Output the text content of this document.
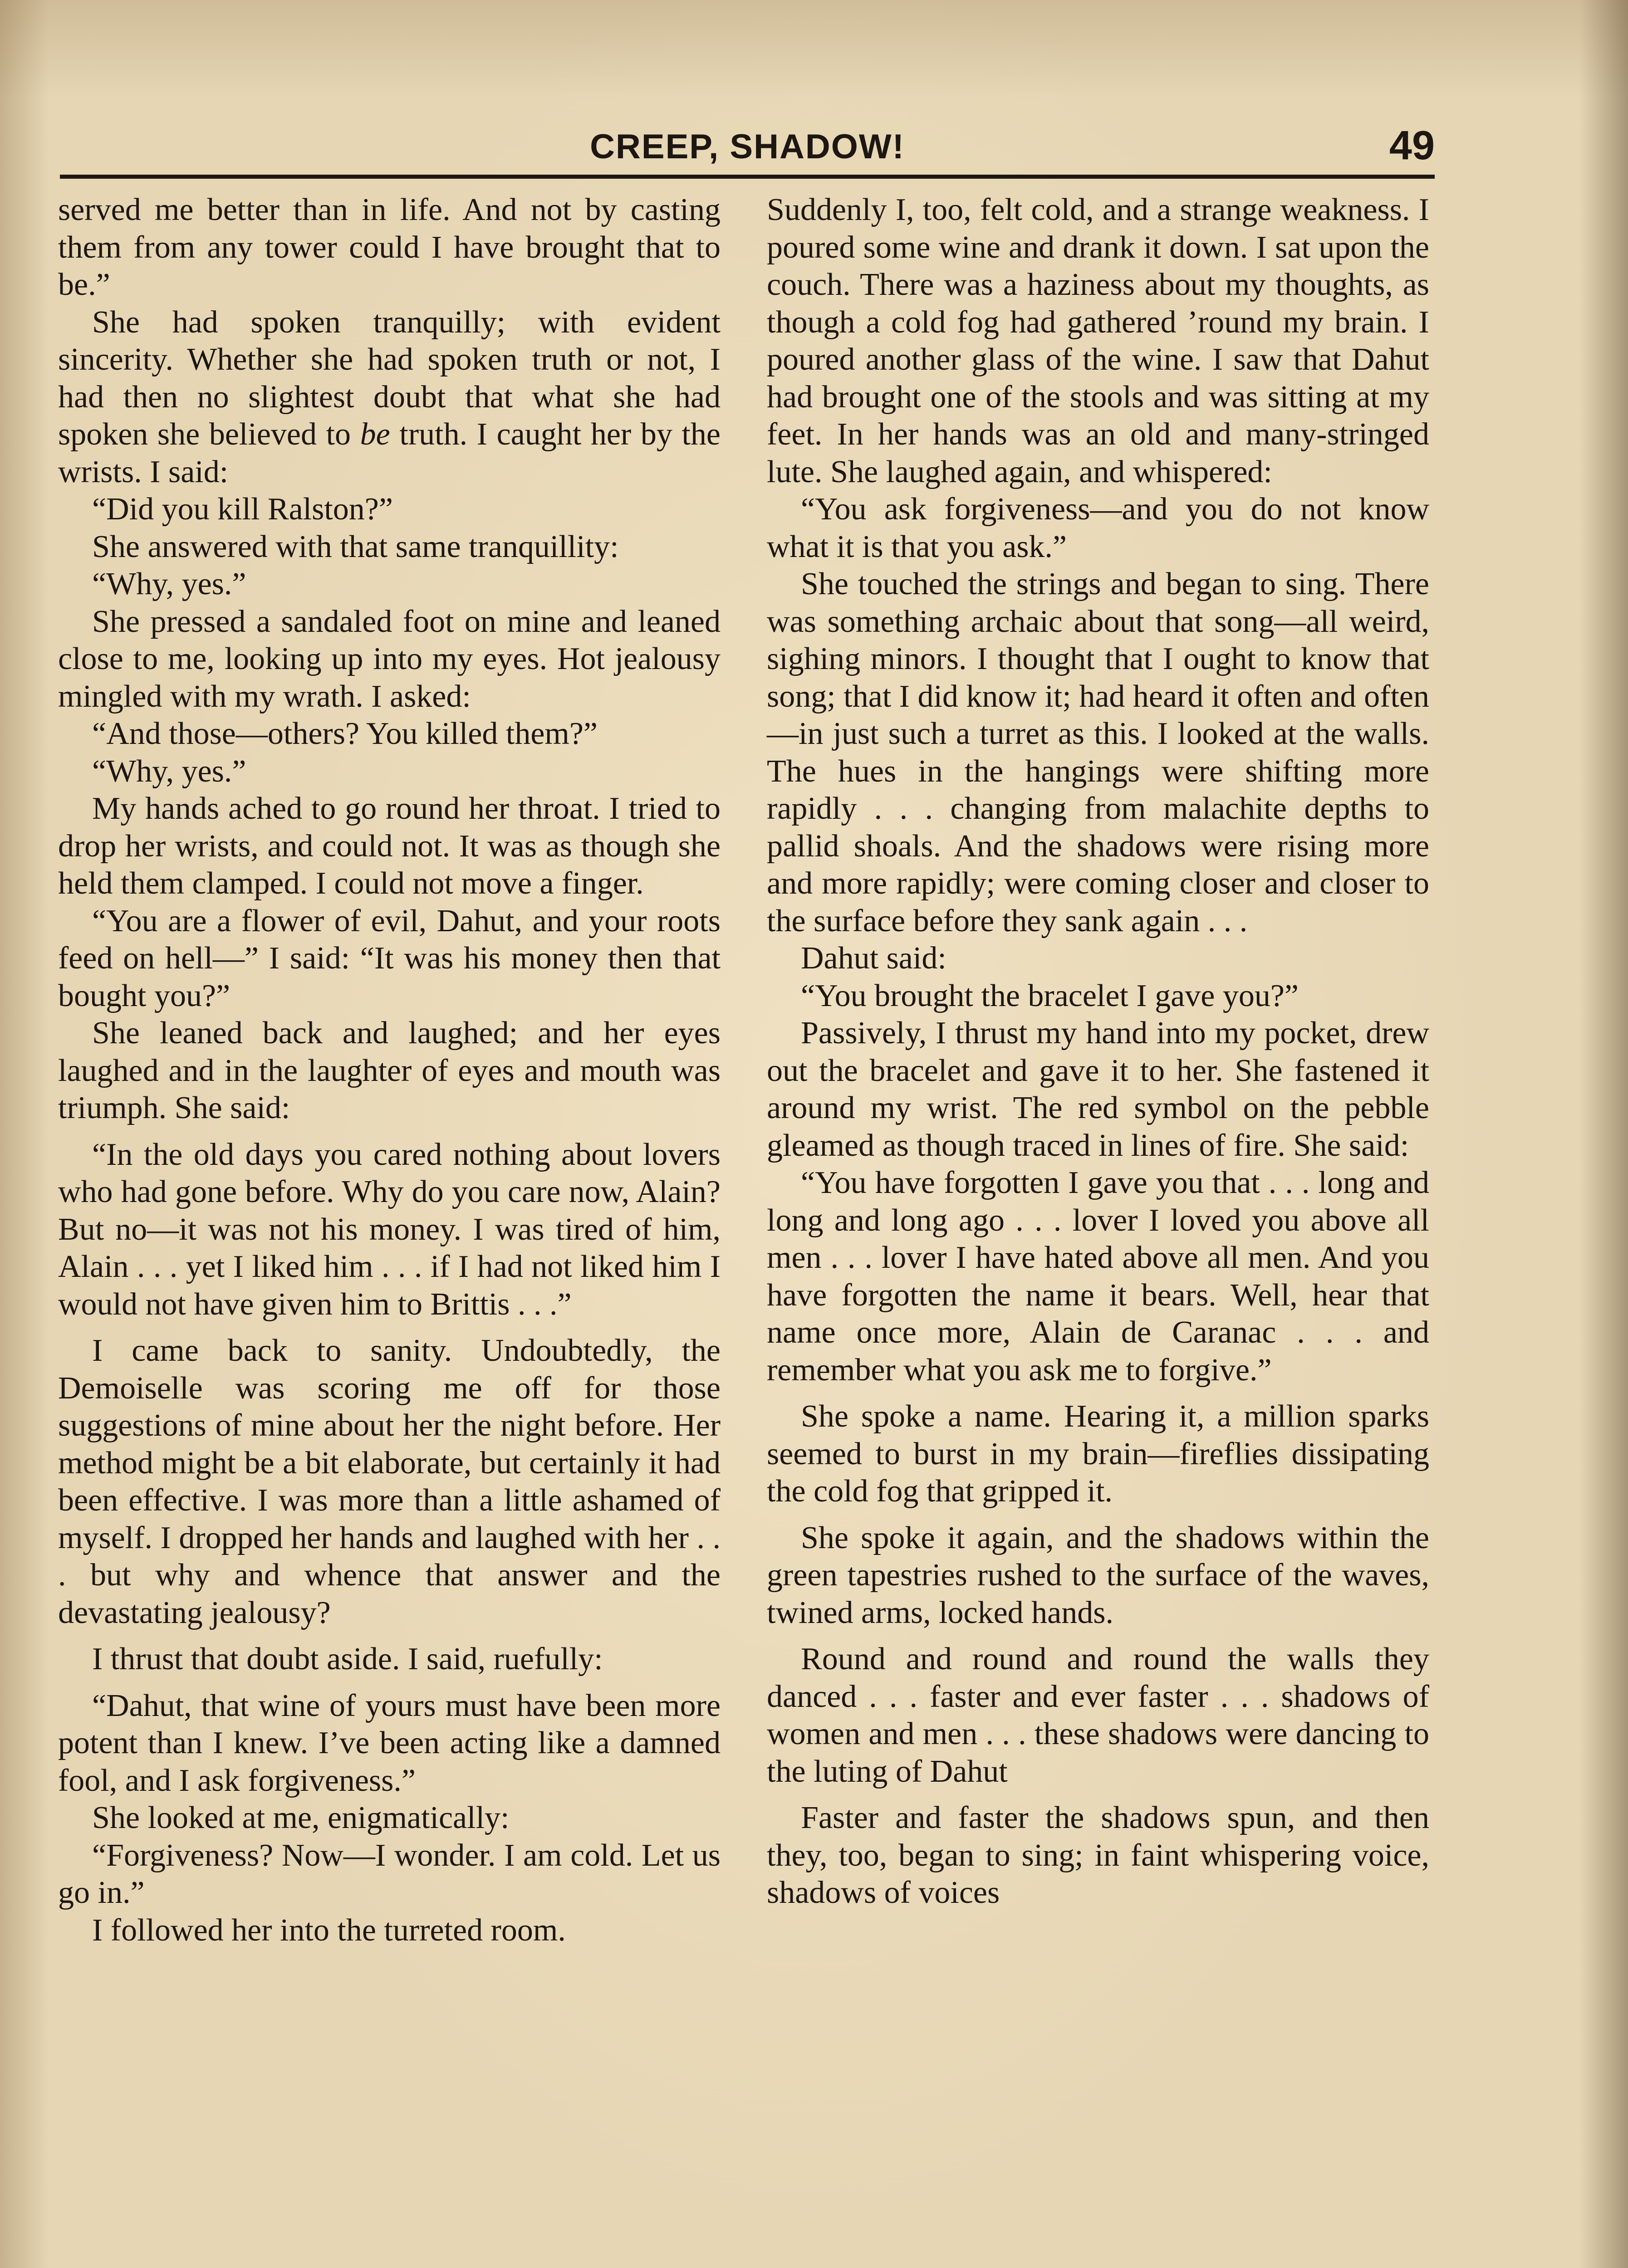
CREEP, SHADOW!	49

served me better than in life. And not by casting them from any tower could I have brought that to be.”

She had spoken tranquilly; with evident sincerity. Whether she had spoken truth or not, I had then no slightest doubt that what she had spoken she believed to be truth. I caught her by the wrists. I said:

“Did you kill Ralston?”

She answered with that same tranquillity:

“Why, yes.”

She pressed a sandaled foot on mine and leaned close to me, looking up into my eyes. Hot jealousy mingled with my wrath. I asked:

“And those—others? You killed them?”

“Why, yes.”

My hands ached to go round her throat. I tried to drop her wrists, and could not. It was as though she held them clamped. I could not move a finger.

“You are a flower of evil, Dahut, and your roots feed on hell—” I said: “It was his money then that bought you?”

She leaned back and laughed; and her eyes laughed and in the laughter of eyes and mouth was triumph. She said:

“In the old days you cared nothing about lovers who had gone before. Why do you care now, Alain? But no—it was not his money. I was tired of him, Alain . . . yet I liked him . . . if I had not liked him I would not have given him to Brittis . . .”

I came back to sanity. Undoubtedly, the Demoiselle was scoring me off for those suggestions of mine about her the night before. Her method might be a bit elaborate, but certainly it had been effective. I was more than a little ashamed of myself. I dropped her hands and laughed with her . . . but why and whence that answer and the devastating jealousy?

I thrust that doubt aside. I said, ruefully:

“Dahut, that wine of yours must have been more potent than I knew. I’ve been acting like a damned fool, and I ask forgiveness.”

She looked at me, enigmatically:

“Forgiveness? Now—I wonder. I am cold. Let us go in.”

I followed her into the turreted room.

Suddenly I, too, felt cold, and a strange weakness. I poured some wine and drank it down. I sat upon the couch. There was a haziness about my thoughts, as though a cold fog had gathered ’round my brain. I poured another glass of the wine. I saw that Dahut had brought one of the stools and was sitting at my feet. In her hands was an old and many-stringed lute. She laughed again, and whispered:

“You ask forgiveness—and you do not know what it is that you ask.”

She touched the strings and began to sing. There was something archaic about that song—all weird, sighing minors. I thought that I ought to know that song; that I did know it; had heard it often and often—in just such a turret as this. I looked at the walls. The hues in the hangings were shifting more rapidly . . . changing from malachite depths to pallid shoals. And the shadows were rising more and more rapidly; were coming closer and closer to the surface before they sank again . . .

Dahut said:

“You brought the bracelet I gave you?”

Passively, I thrust my hand into my pocket, drew out the bracelet and gave it to her. She fastened it around my wrist. The red symbol on the pebble gleamed as though traced in lines of fire. She said:

“You have forgotten I gave you that . . . long and long and long ago . . . lover I loved you above all men . . . lover I have hated above all men. And you have forgotten the name it bears. Well, hear that name once more, Alain de Caranac . . . and remember what you ask me to forgive.”

She spoke a name. Hearing it, a million sparks seemed to burst in my brain—fireflies dissipating the cold fog that gripped it.

She spoke it again, and the shadows within the green tapestries rushed to the surface of the waves, twined arms, locked hands.

Round and round and round the walls they danced . . . faster and ever faster . . . shadows of women and men . . . these shadows were dancing to the luting of Dahut

Faster and faster the shadows spun, and then they, too, began to sing; in faint whispering voice, shadows of voices
